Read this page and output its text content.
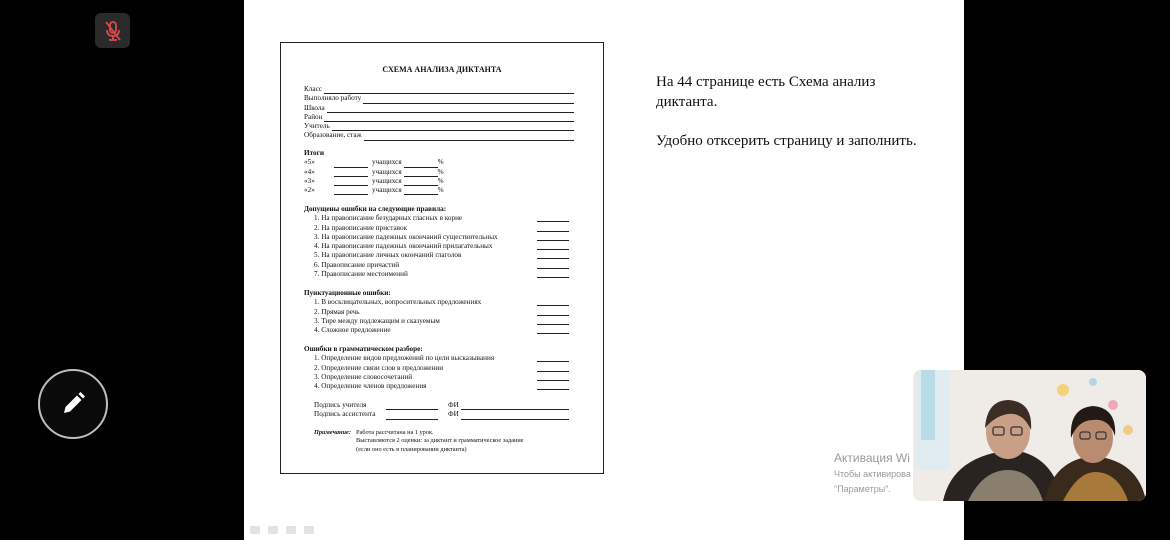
СХЕМА АНАЛИЗА ДИКТАНТА
Класс
Выполняло работу
Школа
Район
Учитель
Образование, стаж
Итоги
«5»	учащихся	%
«4»	учащихся	%
«3»	учащихся	%
«2»	учащихся	%
Допущены ошибки на следующие правила:
1. На правописание безударных гласных в корне
2. На правописание приставок
3. На правописание падежных окончаний существительных
4. На правописание падежных окончаний прилагательных
5. На правописание личных окончаний глаголов
6. Правописание причастий
7. Правописание местоимений
Пунктуационные ошибки:
1. В восклицательных, вопросительных предложениях
2. Прямая речь
3. Тире между подлежащим и сказуемым
4. Сложное предложение
Ошибки в грамматическом разборе:
1. Определение видов предложений по цели высказывания
2. Определение связи слов в предложении
3. Определение словосочетаний
4. Определение членов предложения
Подпись учителя	ФИ
Подпись ассистента	ФИ
Примечание: Работа рассчитана на 1 урок.
Выставляются 2 оценки: за диктант и грамматическое задание
(если оно есть в планировании диктанта)

На 44 странице есть Схема анализ диктанта.

Удобно отксерить страницу и заполнить.

Активация Wi
Чтобы активирова
"Параметры".
